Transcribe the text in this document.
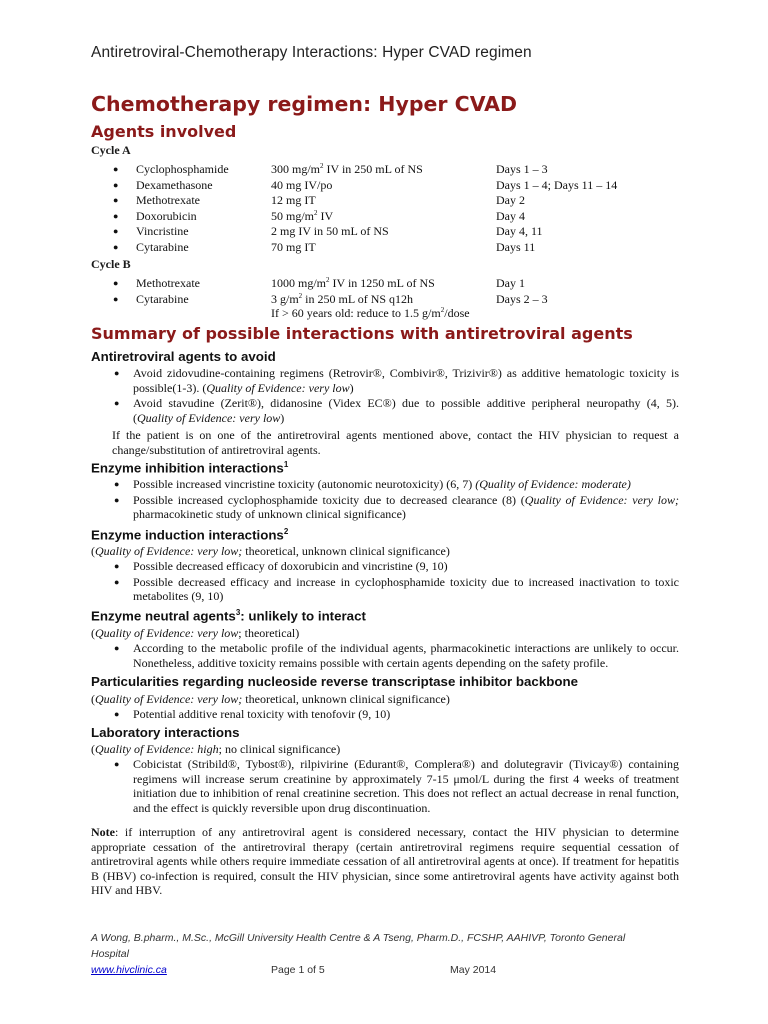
Antiretroviral-Chemotherapy Interactions: Hyper CVAD regimen
Chemotherapy regimen: Hyper CVAD
Agents involved
Cycle A
● Cyclophosphamide	300 $mg/m^2$ IV in 250 mL of NS	Days 1 – 3
● Dexamethasone	40 mg IV/po	Days 1 – 4; Days 11 – 14
● Methotrexate	12 mg IT	Day 2
● Doxorubicin	50 $mg/m^2$ IV	Day 4
● Vincristine	2 mg IV in 50 mL of NS	Day 4, 11
● Cytarabine	70 mg IT	Days 11
Cycle B
● Methotrexate	1000 $mg/m^2$ IV in 1250 mL of NS	Day 1
● Cytarabine	3 $g/m^2$ in 250 mL of NS q12h	Days 2 – 3
If > 60 years old: reduce to 1.5 $g/m^2$/dose
Summary of possible interactions with antiretroviral agents
Antiretroviral agents to avoid
● Avoid zidovudine-containing regimens (Retrovir®, Combivir®, Trizivir®) as additive hematologic toxicity is possible(1-3). (Quality of Evidence: very low)
● Avoid stavudine (Zerit®), didanosine (Videx EC®) due to possible additive peripheral neuropathy (4, 5). (Quality of Evidence: very low)
If the patient is on one of the antiretroviral agents mentioned above, contact the HIV physician to request a change/substitution of antiretroviral agents.
Enzyme inhibition interactions$^1$
● Possible increased vincristine toxicity (autonomic neurotoxicity) (6, 7) (Quality of Evidence: moderate)
● Possible increased cyclophosphamide toxicity due to decreased clearance (8) (Quality of Evidence: very low; pharmacokinetic study of unknown clinical significance)
Enzyme induction interactions$^2$
(Quality of Evidence: very low; theoretical, unknown clinical significance)
● Possible decreased efficacy of doxorubicin and vincristine (9, 10)
● Possible decreased efficacy and increase in cyclophosphamide toxicity due to increased inactivation to toxic metabolites (9, 10)
Enzyme neutral agents$^3$: unlikely to interact
(Quality of Evidence: very low; theoretical)
● According to the metabolic profile of the individual agents, pharmacokinetic interactions are unlikely to occur. Nonetheless, additive toxicity remains possible with certain agents depending on the safety profile.
Particularities regarding nucleoside reverse transcriptase inhibitor backbone
(Quality of Evidence: very low; theoretical, unknown clinical significance)
● Potential additive renal toxicity with tenofovir (9, 10)
Laboratory interactions
(Quality of Evidence: high; no clinical significance)
● Cobicistat (Stribild®, Tybost®), rilpivirine (Edurant®, Complera®) and dolutegravir (Tivicay®) containing regimens will increase serum creatinine by approximately 7-15 μmol/L during the first 4 weeks of treatment initiation due to inhibition of renal creatinine secretion. This does not reflect an actual decrease in renal function, and the effect is quickly reversible upon drug discontinuation.
Note: if interruption of any antiretroviral agent is considered necessary, contact the HIV physician to determine appropriate cessation of the antiretroviral therapy (certain antiretroviral regimens require sequential cessation of antiretroviral agents while others require immediate cessation of all antiretroviral agents at once). If treatment for hepatitis B (HBV) co-infection is required, consult the HIV physician, since some antiretroviral agents have activity against both HIV and HBV.
A Wong, B.pharm., M.Sc., McGill University Health Centre & A Tseng, Pharm.D., FCSHP, AAHIVP, Toronto General
Hospital
www.hivclinic.ca	Page 1 of 5	May 2014
